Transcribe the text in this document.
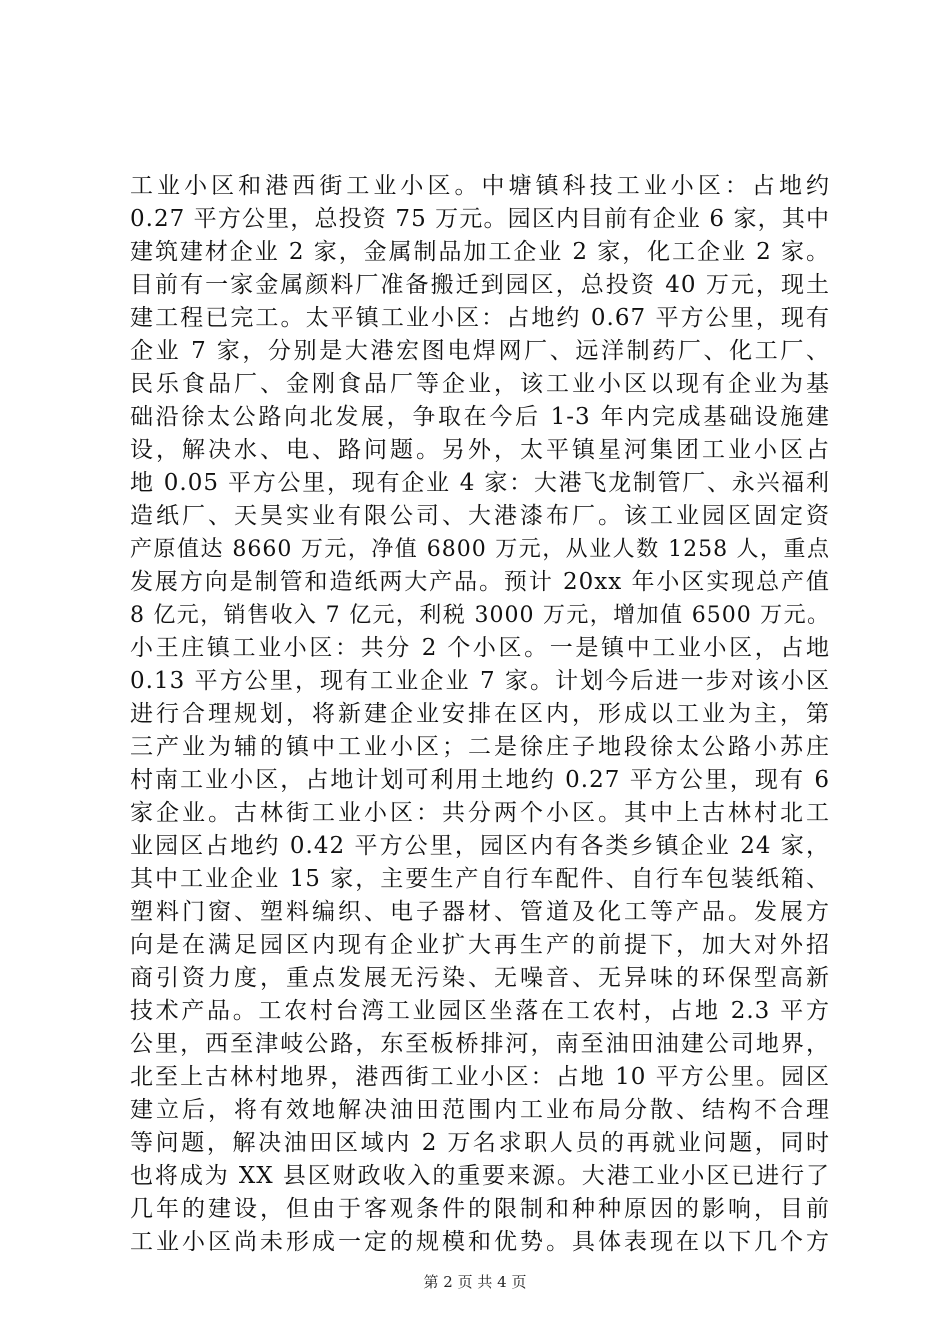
工业小区和港西街工业小区。中塘镇科技工业小区：占地约
0.27 平方公里，总投资 75 万元。园区内目前有企业 6 家，其中
建筑建材企业 2 家，金属制品加工企业 2 家，化工企业 2 家。
目前有一家金属颜料厂准备搬迁到园区，总投资 40 万元，现土
建工程已完工。太平镇工业小区：占地约 0.67 平方公里，现有
企业 7 家，分别是大港宏图电焊网厂、远洋制药厂、化工厂、
民乐食品厂、金刚食品厂等企业，该工业小区以现有企业为基
础沿徐太公路向北发展，争取在今后 1-3 年内完成基础设施建
设，解决水、电、路问题。另外，太平镇星河集团工业小区占
地 0.05 平方公里，现有企业 4 家：大港飞龙制管厂、永兴福利
造纸厂、天昊实业有限公司、大港漆布厂。该工业园区固定资
产原值达 8660 万元，净值 6800 万元，从业人数 1258 人，重点
发展方向是制管和造纸两大产品。预计 20xx 年小区实现总产值
8 亿元，销售收入 7 亿元，利税 3000 万元，增加值 6500 万元。
小王庄镇工业小区：共分 2 个小区。一是镇中工业小区，占地
0.13 平方公里，现有工业企业 7 家。计划今后进一步对该小区
进行合理规划，将新建企业安排在区内，形成以工业为主，第
三产业为辅的镇中工业小区；二是徐庄子地段徐太公路小苏庄
村南工业小区，占地计划可利用土地约 0.27 平方公里，现有 6
家企业。古林街工业小区：共分两个小区。其中上古林村北工
业园区占地约 0.42 平方公里，园区内有各类乡镇企业 24 家，
其中工业企业 15 家，主要生产自行车配件、自行车包装纸箱、
塑料门窗、塑料编织、电子器材、管道及化工等产品。发展方
向是在满足园区内现有企业扩大再生产的前提下，加大对外招
商引资力度，重点发展无污染、无噪音、无异味的环保型高新
技术产品。工农村台湾工业园区坐落在工农村，占地 2.3 平方
公里，西至津岐公路，东至板桥排河，南至油田油建公司地界，
北至上古林村地界，港西街工业小区：占地 10 平方公里。园区
建立后，将有效地解决油田范围内工业布局分散、结构不合理
等问题，解决油田区域内 2 万名求职人员的再就业问题，同时
也将成为 XX 县区财政收入的重要来源。大港工业小区已进行了
几年的建设，但由于客观条件的限制和种种原因的影响，目前
工业小区尚未形成一定的规模和优势。具体表现在以下几个方
第 2 页 共 4 页
